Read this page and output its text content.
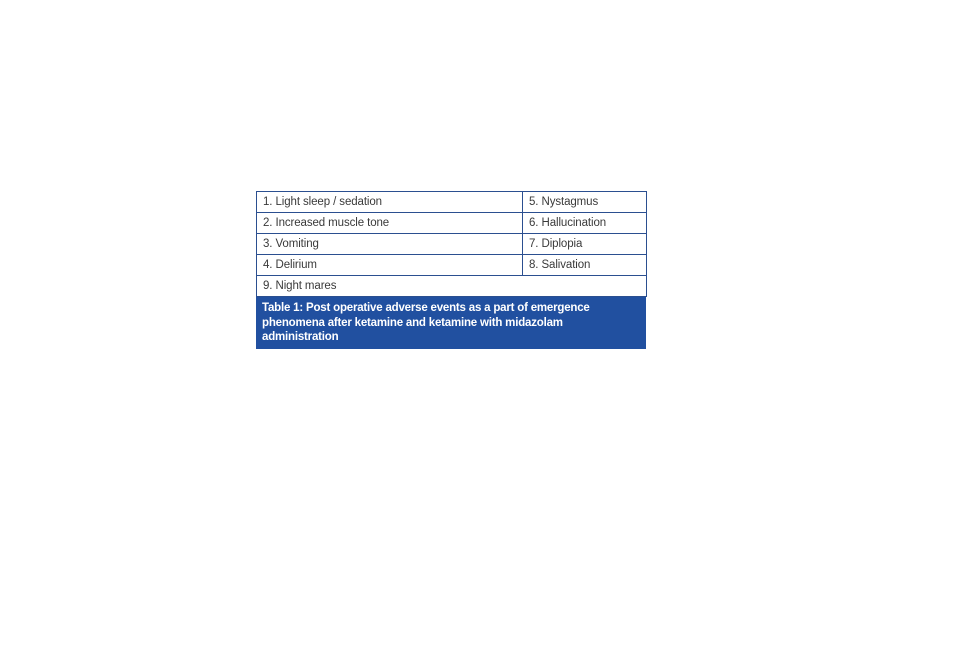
1. Light sleep / sedation	5. Nystagmus
2. Increased muscle tone	6. Hallucination
3. Vomiting	7. Diplopia
4. Delirium	8. Salivation
9. Night mares	
Table 1: Post operative adverse events as a part of emergence phenomena after ketamine and ketamine with midazolam administration
